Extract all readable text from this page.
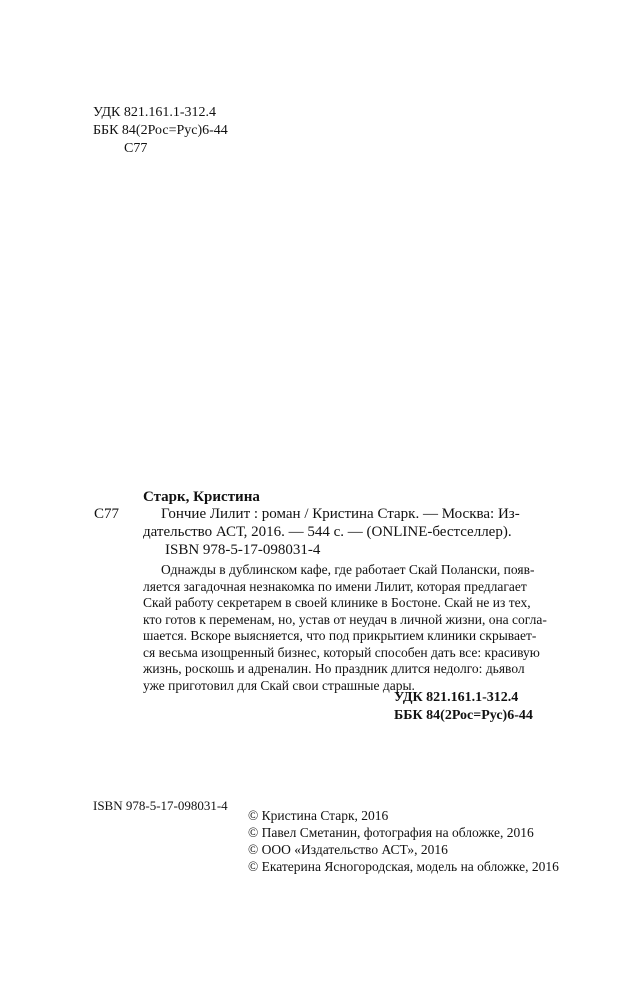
УДК 821.161.1-312.4
ББК 84(2Рос=Рус)6-44
С77
Старк, Кристина
С77	Гончие Лилит : роман / Кристина Старк. — Москва: Из-
дательство АСТ, 2016. — 544 с. — (ONLINE-бестселлер).
ISBN 978-5-17-098031-4
Однажды в дублинском кафе, где работает Скай Полански, появ-
ляется загадочная незнакомка по имени Лилит, которая предлагает
Скай работу секретарем в своей клинике в Бостоне. Скай не из тех,
кто готов к переменам, но, устав от неудач в личной жизни, она согла-
шается. Вскоре выясняется, что под прикрытием клиники скрывает-
ся весьма изощренный бизнес, который способен дать все: красивую
жизнь, роскошь и адреналин. Но праздник длится недолго: дьявол
уже приготовил для Скай свои страшные дары.
УДК 821.161.1-312.4
ББК 84(2Рос=Рус)6-44
ISBN 978-5-17-098031-4
© Кристина Старк, 2016
© Павел Сметанин, фотография на обложке, 2016
© ООО «Издательство АСТ», 2016
© Екатерина Ясногородская, модель на обложке, 2016
